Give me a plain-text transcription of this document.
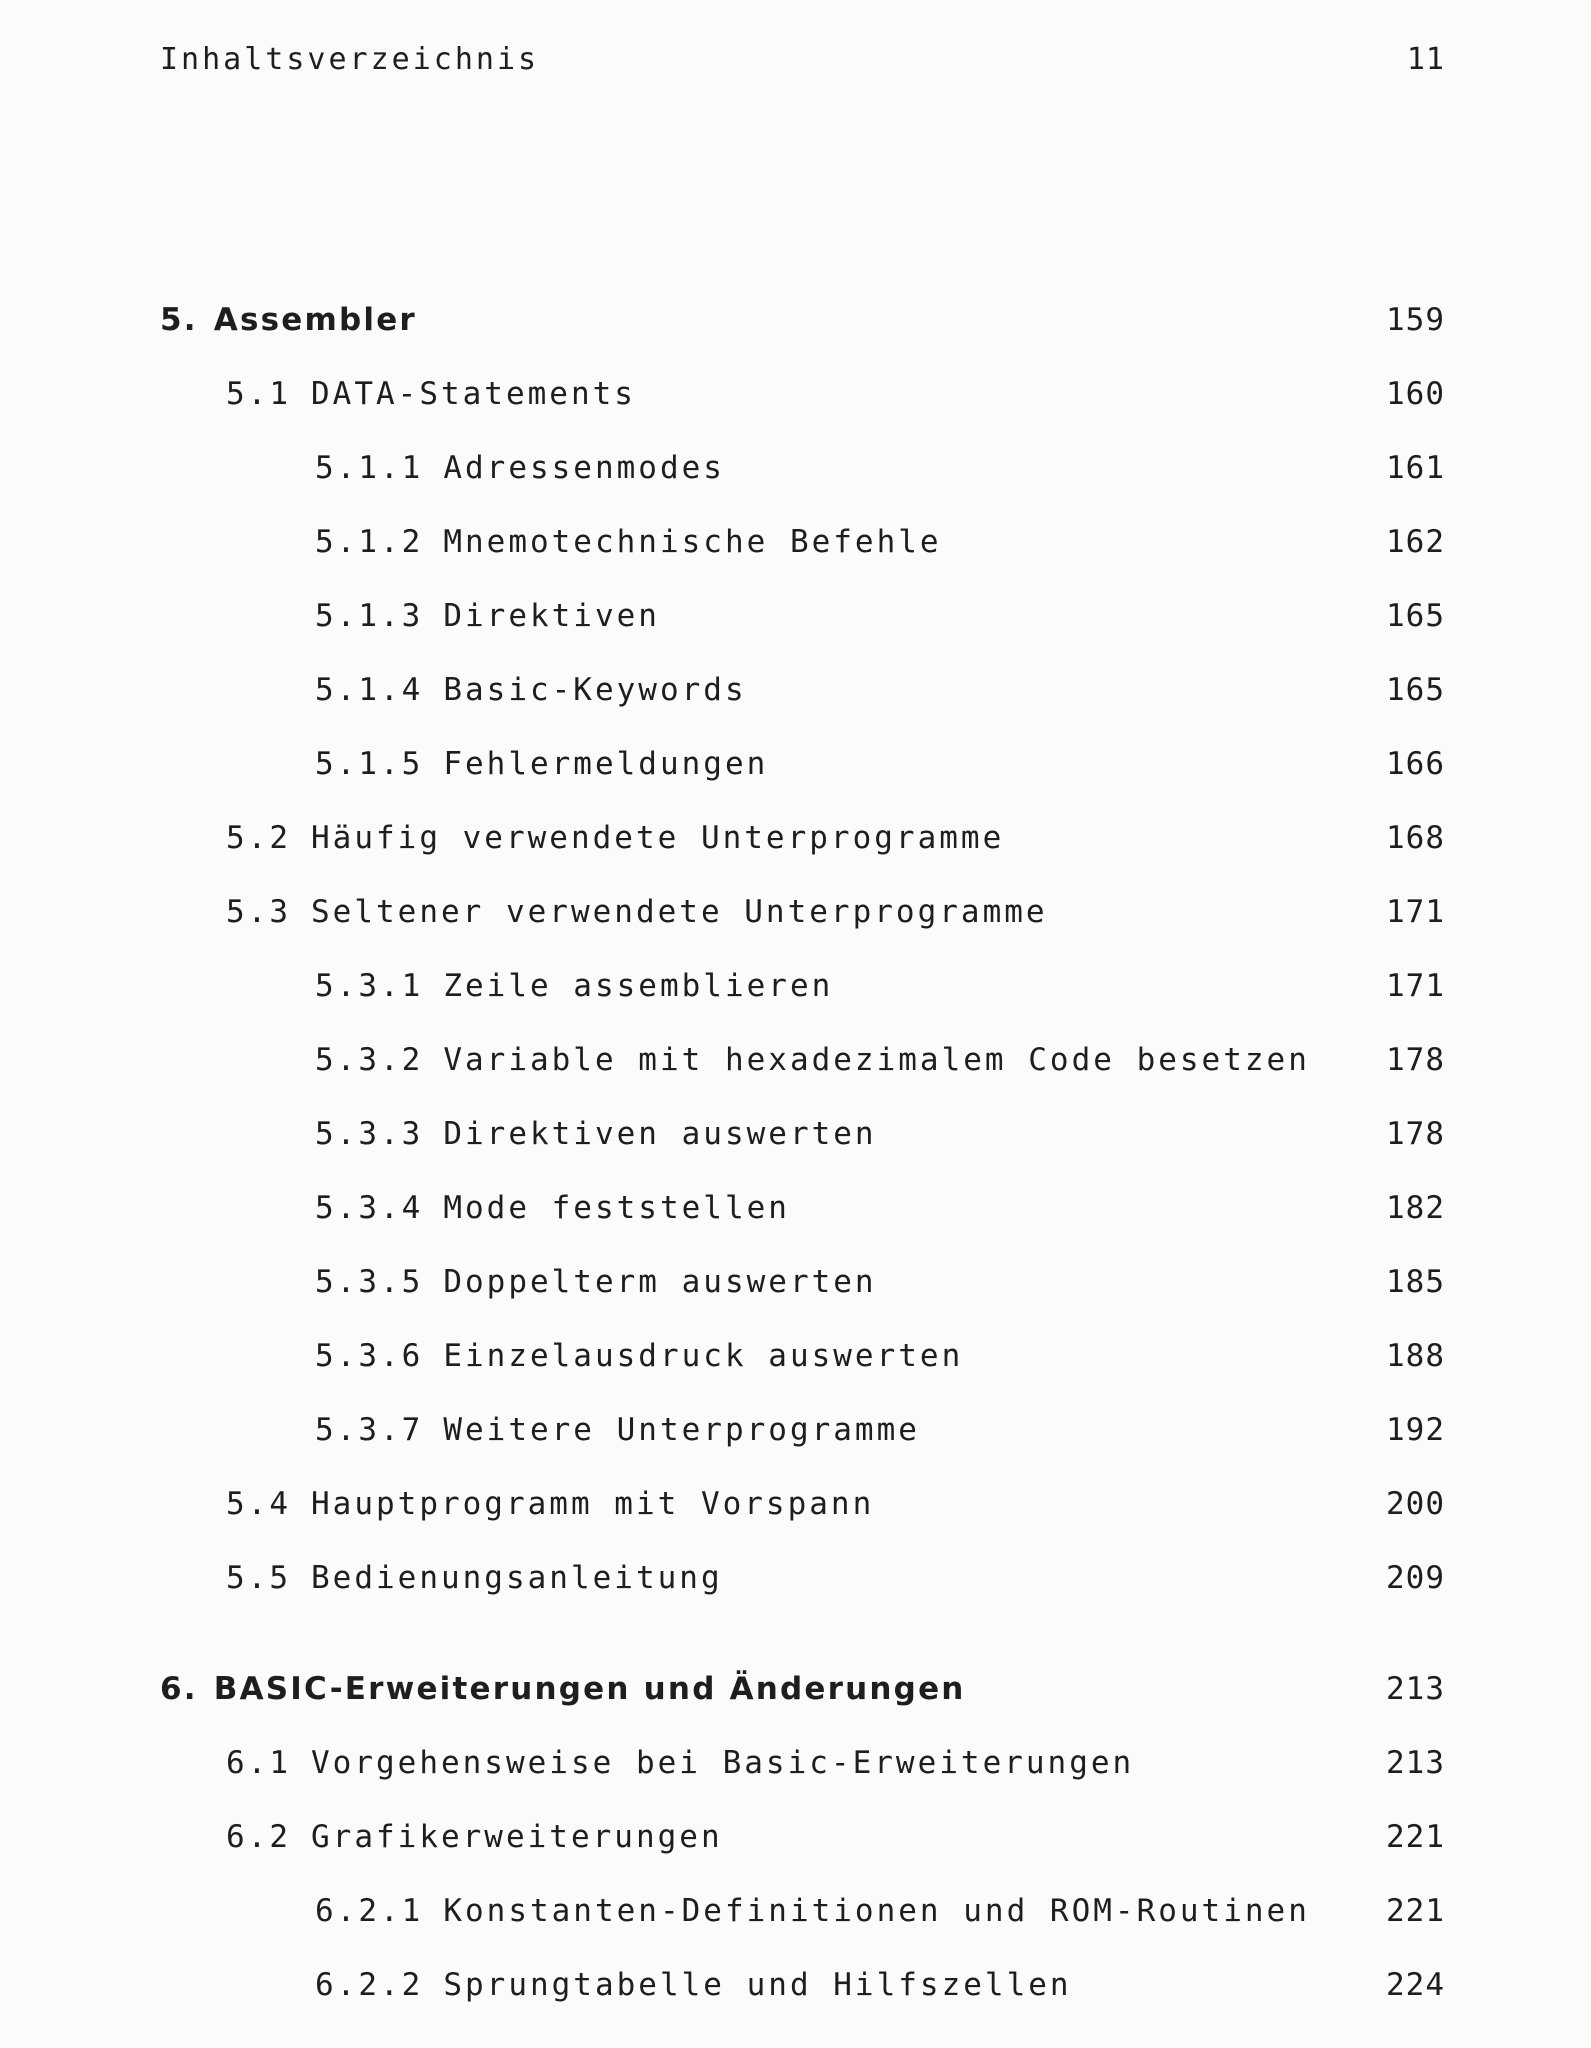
Inhaltsverzeichnis	11
5. Assembler	159
5.1 DATA-Statements	160
5.1.1 Adressenmodes	161
5.1.2 Mnemotechnische Befehle	162
5.1.3 Direktiven	165
5.1.4 Basic-Keywords	165
5.1.5 Fehlermeldungen	166
5.2 Häufig verwendete Unterprogramme	168
5.3 Seltener verwendete Unterprogramme	171
5.3.1 Zeile assemblieren	171
5.3.2 Variable mit hexadezimalem Code besetzen 178
5.3.3 Direktiven auswerten	178
5.3.4 Mode feststellen	182
5.3.5 Doppelterm auswerten	185
5.3.6 Einzelausdruck auswerten	188
5.3.7 Weitere Unterprogramme	192
5.4 Hauptprogramm mit Vorspann	200
5.5 Bedienungsanleitung	209
6. BASIC-Erweiterungen und Änderungen	213
6.1 Vorgehensweise bei Basic-Erweiterungen	213
6.2 Grafikerweiterungen	221
6.2.1 Konstanten-Definitionen und ROM-Routinen 221
6.2.2 Sprungtabelle und Hilfszellen	224
